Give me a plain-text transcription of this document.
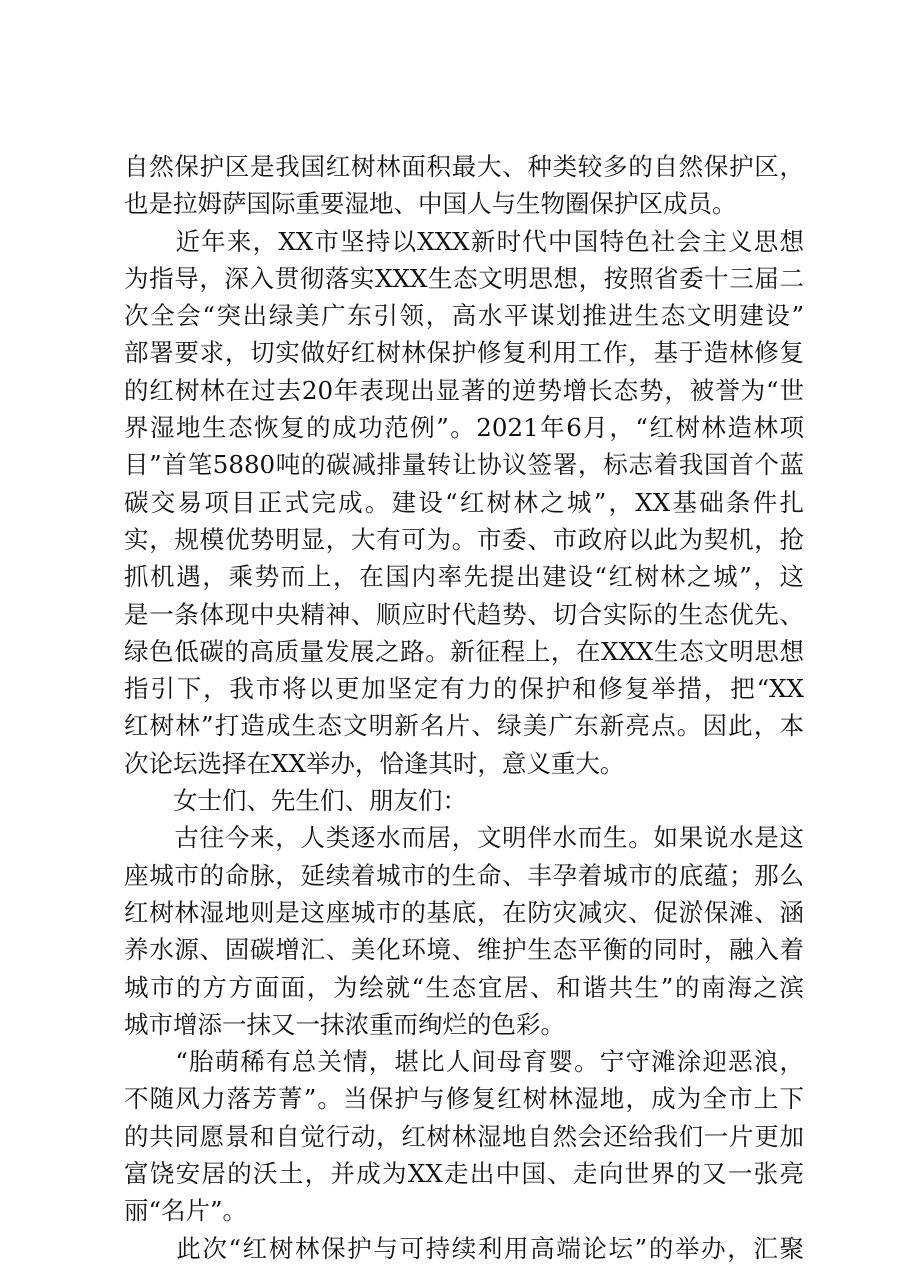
自然保护区是我国红树林面积最大、种类较多的自然保护区，
也是拉姆萨国际重要湿地、中国人与生物圈保护区成员。
　　近年来，XX市坚持以XXX新时代中国特色社会主义思想
为指导，深入贯彻落实XXX生态文明思想，按照省委十三届二
次全会“突出绿美广东引领，高水平谋划推进生态文明建设”
部署要求，切实做好红树林保护修复利用工作，基于造林修复
的红树林在过去20年表现出显著的逆势增长态势，被誉为“世
界湿地生态恢复的成功范例”。2021年6月，“红树林造林项
目”首笔5880吨的碳减排量转让协议签署，标志着我国首个蓝
碳交易项目正式完成。建设“红树林之城”，XX基础条件扎
实，规模优势明显，大有可为。市委、市政府以此为契机，抢
抓机遇，乘势而上，在国内率先提出建设“红树林之城”，这
是一条体现中央精神、顺应时代趋势、切合实际的生态优先、
绿色低碳的高质量发展之路。新征程上，在XXX生态文明思想
指引下，我市将以更加坚定有力的保护和修复举措，把“XX
红树林”打造成生态文明新名片、绿美广东新亮点。因此，本
次论坛选择在XX举办，恰逢其时，意义重大。
　　女士们、先生们、朋友们：
　　古往今来，人类逐水而居，文明伴水而生。如果说水是这
座城市的命脉，延续着城市的生命、丰孕着城市的底蕴；那么
红树林湿地则是这座城市的基底，在防灾减灾、促淤保滩、涵
养水源、固碳增汇、美化环境、维护生态平衡的同时，融入着
城市的方方面面，为绘就“生态宜居、和谐共生”的南海之滨
城市增添一抹又一抹浓重而绚烂的色彩。
　　“胎萌稀有总关情，堪比人间母育婴。宁守滩涂迎恶浪，
不随风力落芳菁”。当保护与修复红树林湿地，成为全市上下
的共同愿景和自觉行动，红树林湿地自然会还给我们一片更加
富饶安居的沃土，并成为XX走出中国、走向世界的又一张亮
丽“名片”。
　　此次“红树林保护与可持续利用高端论坛”的举办，汇聚
